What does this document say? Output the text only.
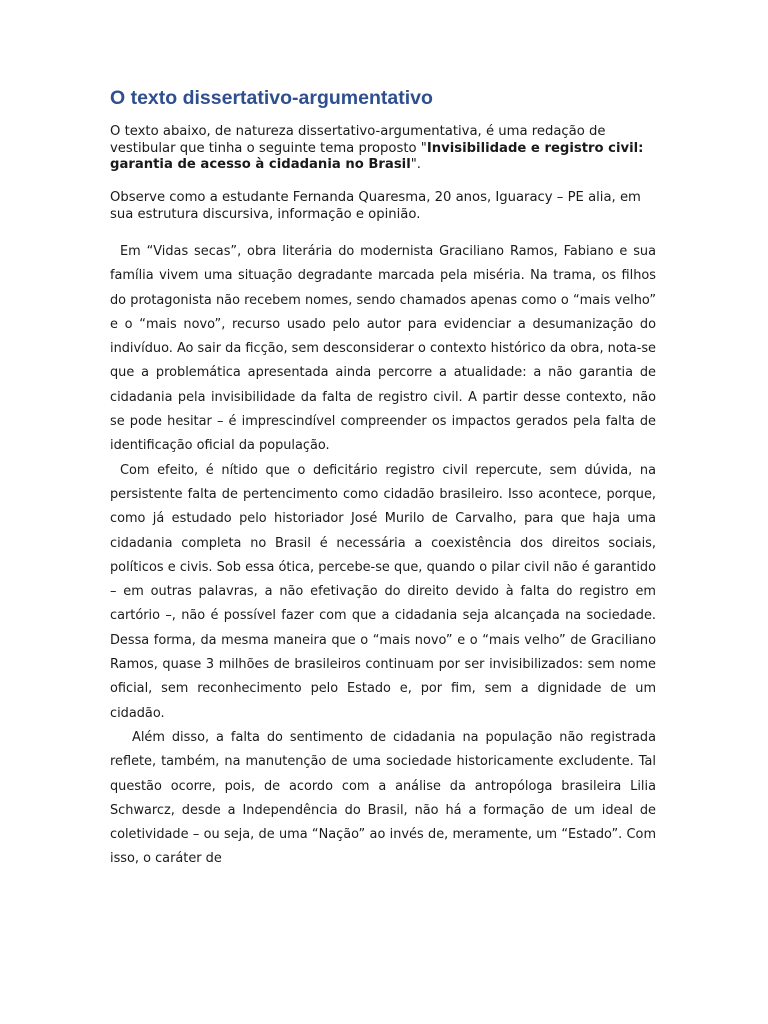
O texto dissertativo-argumentativo

O texto abaixo, de natureza dissertativo-argumentativa, é uma redação de vestibular que tinha o seguinte tema proposto "Invisibilidade e registro civil: garantia de acesso à cidadania no Brasil".

Observe como a estudante Fernanda Quaresma, 20 anos, Iguaracy – PE alia, em sua estrutura discursiva, informação e opinião.

Em “Vidas secas”, obra literária do modernista Graciliano Ramos, Fabiano e sua família vivem uma situação degradante marcada pela miséria. Na trama, os filhos do protagonista não recebem nomes, sendo chamados apenas como o “mais velho” e o “mais novo”, recurso usado pelo autor para evidenciar a desumanização do indivíduo. Ao sair da ficção, sem desconsiderar o contexto histórico da obra, nota-se que a problemática apresentada ainda percorre a atualidade: a não garantia de cidadania pela invisibilidade da falta de registro civil. A partir desse contexto, não se pode hesitar – é imprescindível compreender os impactos gerados pela falta de identificação oficial da população.

Com efeito, é nítido que o deficitário registro civil repercute, sem dúvida, na persistente falta de pertencimento como cidadão brasileiro. Isso acontece, porque, como já estudado pelo historiador José Murilo de Carvalho, para que haja uma cidadania completa no Brasil é necessária a coexistência dos direitos sociais, políticos e civis. Sob essa ótica, percebe-se que, quando o pilar civil não é garantido – em outras palavras, a não efetivação do direito devido à falta do registro em cartório –, não é possível fazer com que a cidadania seja alcançada na sociedade. Dessa forma, da mesma maneira que o “mais novo” e o “mais velho” de Graciliano Ramos, quase 3 milhões de brasileiros continuam por ser invisibilizados: sem nome oficial, sem reconhecimento pelo Estado e, por fim, sem a dignidade de um cidadão.

Além disso, a falta do sentimento de cidadania na população não registrada reflete, também, na manutenção de uma sociedade historicamente excludente. Tal questão ocorre, pois, de acordo com a análise da antropóloga brasileira Lilia Schwarcz, desde a Independência do Brasil, não há a formação de um ideal de coletividade – ou seja, de uma “Nação” ao invés de, meramente, um “Estado”. Com isso, o caráter de
